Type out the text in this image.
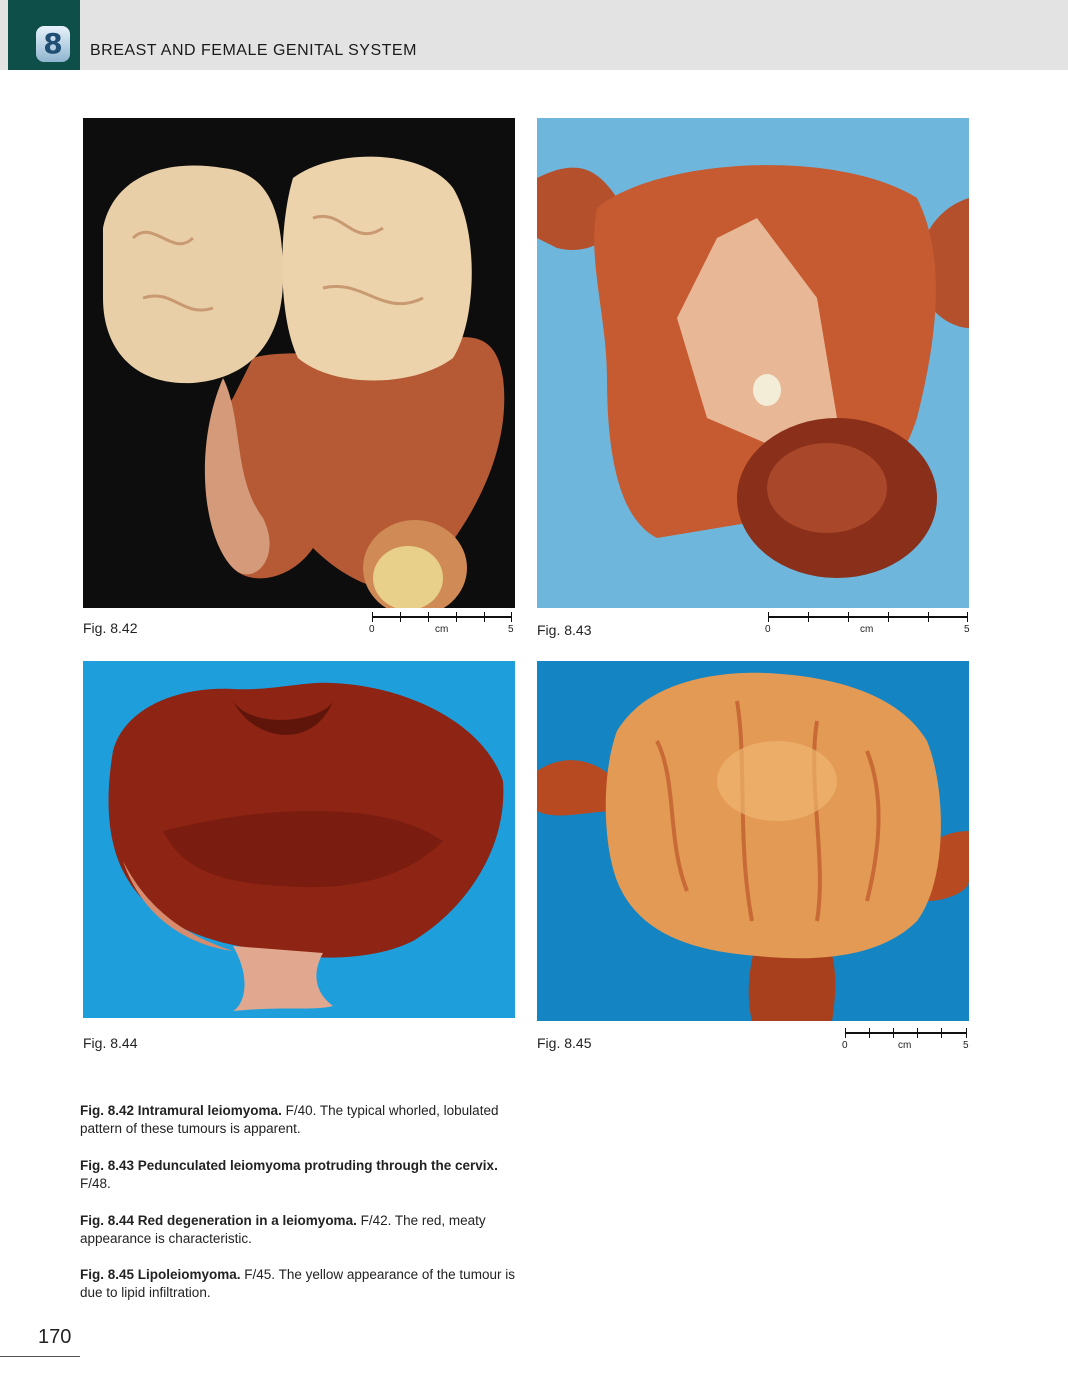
8	BREAST AND FEMALE GENITAL SYSTEM
Fig. 8.42	0	cm	5 Fig. 8.43	0	cm	5
Fig. 8.44	Fig. 8.45	0	cm	5

Fig. 8.42 Intramural leiomyoma. F/40. The typical whorled, lobulated pattern of these tumours is apparent.

Fig. 8.43 Pedunculated leiomyoma protruding through the cervix. F/48.

Fig. 8.44 Red degeneration in a leiomyoma. F/42. The red, meaty appearance is characteristic.

Fig. 8.45 Lipoleiomyoma. F/45. The yellow appearance of the tumour is due to lipid infiltration.

170
